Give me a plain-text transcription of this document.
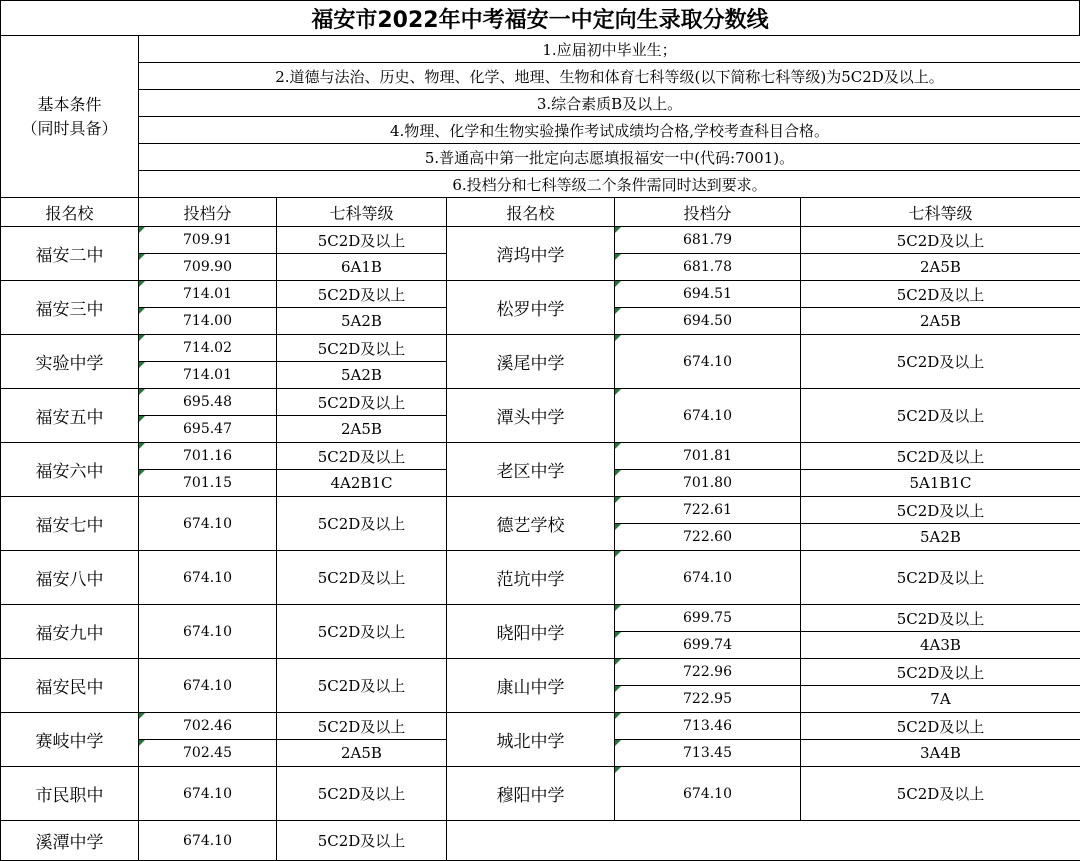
福安市2022年中考福安一中定向生录取分数线
基本条件
（同时具备）	1.应届初中毕业生；				
	2.道德与法治、历史、物理、化学、地理、生物和体育七科等级(以下简称七科等级)为5C2D及以上。				
	3.综合素质B及以上。				
	4.物理、化学和生物实验操作考试成绩均合格,学校考查科目合格。				
	5.普通高中第一批定向志愿填报福安一中(代码:7001)。				
	6.投档分和七科等级二个条件需同时达到要求。				
报名校	投档分	七科等级	报名校	投档分	七科等级
福安二中	709.91	5C2D及以上	湾坞中学	681.79	5C2D及以上
	709.90	6A1B		681.78	2A5B
福安三中	714.01	5C2D及以上	松罗中学	694.51	5C2D及以上
	714.00	5A2B		694.50	2A5B
实验中学	714.02	5C2D及以上	溪尾中学	674.10	5C2D及以上
	714.01	5A2B			
福安五中	695.48	5C2D及以上	潭头中学	674.10	5C2D及以上
	695.47	2A5B			
福安六中	701.16	5C2D及以上	老区中学	701.81	5C2D及以上
	701.15	4A2B1C		701.80	5A1B1C
福安七中	674.10	5C2D及以上	德艺学校	722.61	5C2D及以上
				722.60	5A2B
福安八中	674.10	5C2D及以上	范坑中学	674.10	5C2D及以上

福安九中	674.10	5C2D及以上	晓阳中学	699.75	5C2D及以上
				699.74	4A3B
福安民中	674.10	5C2D及以上	康山中学	722.96	5C2D及以上
				722.95	7A
赛岐中学	702.46	5C2D及以上	城北中学	713.46	5C2D及以上
	702.45	2A5B		713.45	3A4B
市民职中	674.10	5C2D及以上	穆阳中学	674.10	5C2D及以上

溪潭中学	674.10	5C2D及以上			
